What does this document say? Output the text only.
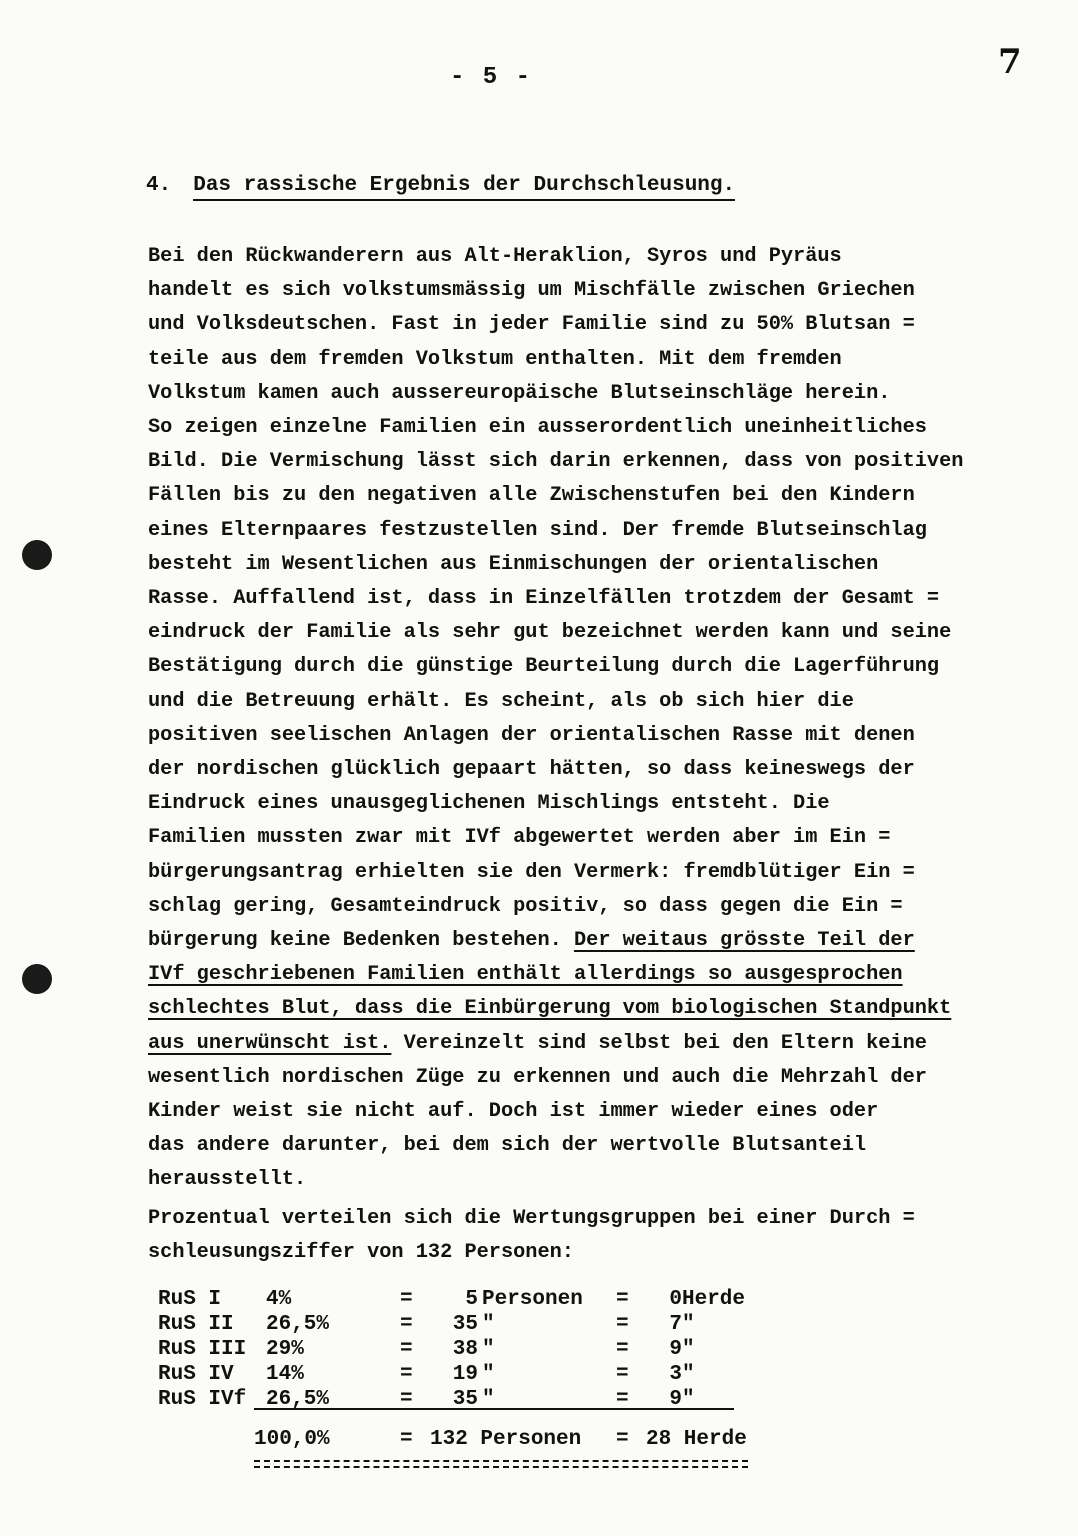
7
- 5 -
4. Das rassische Ergebnis der Durchschleusung.
Bei den Rückwanderern aus Alt-Heraklion, Syros und Pyräus
handelt es sich volkstumsmässig um Mischfälle zwischen Griechen
und Volksdeutschen. Fast in jeder Familie sind zu 50% Blutsan =
teile aus dem fremden Volkstum enthalten. Mit dem fremden
Volkstum kamen auch aussereuropäische Blutseinschläge herein.
So zeigen einzelne Familien ein ausserordentlich uneinheitliches
Bild. Die Vermischung lässt sich darin erkennen, dass von positiven
Fällen bis zu den negativen alle Zwischenstufen bei den Kindern
eines Elternpaares festzustellen sind. Der fremde Blutseinschlag
besteht im Wesentlichen aus Einmischungen der orientalischen
Rasse. Auffallend ist, dass in Einzelfällen trotzdem der Gesamt =
eindruck der Familie als sehr gut bezeichnet werden kann und seine
Bestätigung durch die günstige Beurteilung durch die Lagerführung
und die Betreuung erhält. Es scheint, als ob sich hier die
positiven seelischen Anlagen der orientalischen Rasse mit denen
der nordischen glücklich gepaart hätten, so dass keineswegs der
Eindruck eines unausgeglichenen Mischlings entsteht. Die
Familien mussten zwar mit IVf abgewertet werden aber im Ein =
bürgerungsantrag erhielten sie den Vermerk: fremdblütiger Ein =
schlag gering, Gesamteindruck positiv, so dass gegen die Ein =
bürgerung keine Bedenken bestehen. Der weitaus grösste Teil der
IVf geschriebenen Familien enthält allerdings so ausgesprochen
schlechtes Blut, dass die Einbürgerung vom biologischen Standpunkt
aus unerwünscht ist. Vereinzelt sind selbst bei den Eltern keine
wesentlich nordischen Züge zu erkennen und auch die Mehrzahl der
Kinder weist sie nicht auf. Doch ist immer wieder eines oder
das andere darunter, bei dem sich der wertvolle Blutsanteil
herausstellt.
Prozentual verteilen sich die Wertungsgruppen bei einer Durch =
schleusungsziffer von 132 Personen:
RuS I 4%	=	5 Personen =	0 Herde
RuS II 26,5%	=	35 "	=	7 "
RuS III 29%	=	38 "	=	9 "
RuS IV 14%	=	19 "	=	3 "
RuS IVf 26,5%	=	35 "	=	9 "
100,0%	= 132 Personen = 28 Herde
